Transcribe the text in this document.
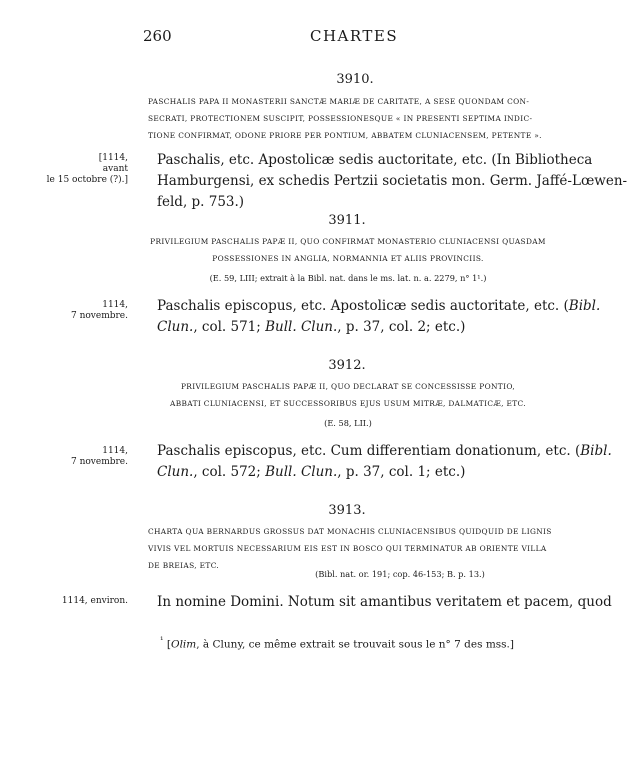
260	CHARTES
3910.
PASCHALIS PAPA II MONASTERII SANCTÆ MARIÆ DE CARITATE, A SESE QUONDAM CON-
SECRATI, PROTECTIONEM SUSCIPIT, POSSESSIONESQUE « IN PRESENTI SEPTIMA INDIC-
TIONE CONFIRMAT, ODONE PRIORE PER PONTIUM, ABBATEM CLUNIACENSEM, PETENTE ».
[1114,
avant
le 15 octobre (?).]
Paschalis, etc. Apostolicæ sedis auctoritate, etc. (In Bibliotheca
Hamburgensi, ex schedis Pertzii societatis mon. Germ. Jaffé-Lœwen-
feld, p. 753.)
3911.
PRIVILEGIUM PASCHALIS PAPÆ II, QUO CONFIRMAT MONASTERIO CLUNIACENSI QUASDAM
POSSESSIONES IN ANGLIA, NORMANNIA ET ALIIS PROVINCIIS.
(E. 59, LIII; extrait à la Bibl. nat. dans le ms. lat. n. a. 2279, n° 1¹.)
1114,
7 novembre.
Paschalis episcopus, etc. Apostolicæ sedis auctoritate, etc. (Bibl.
Clun., col. 571; Bull. Clun., p. 37, col. 2; etc.)
3912.
PRIVILEGIUM PASCHALIS PAPÆ II, QUO DECLARAT SE CONCESSISSE PONTIO,
ABBATI CLUNIACENSI, ET SUCCESSORIBUS EJUS USUM MITRÆ, DALMATICÆ, ETC.
(E. 58, LII.)
1114,
7 novembre.
Paschalis episcopus, etc. Cum differentiam donationum, etc. (Bibl.
Clun., col. 572; Bull. Clun., p. 37, col. 1; etc.)
3913.
CHARTA QUA BERNARDUS GROSSUS DAT MONACHIS CLUNIACENSIBUS QUIDQUID DE LIGNIS
VIVIS VEL MORTUIS NECESSARIUM EIS EST IN BOSCO QUI TERMINATUR AB ORIENTE VILLA
DE BREIAS, ETC.
(Bibl. nat. or. 191; cop. 46-153; B. p. 13.)
1114, environ. In nomine Domini. Notum sit amantibus veritatem et pacem, quod
$^{^1}$ [Olim, à Cluny, ce même extrait se trouvait sous le n° 7 des mss.]
